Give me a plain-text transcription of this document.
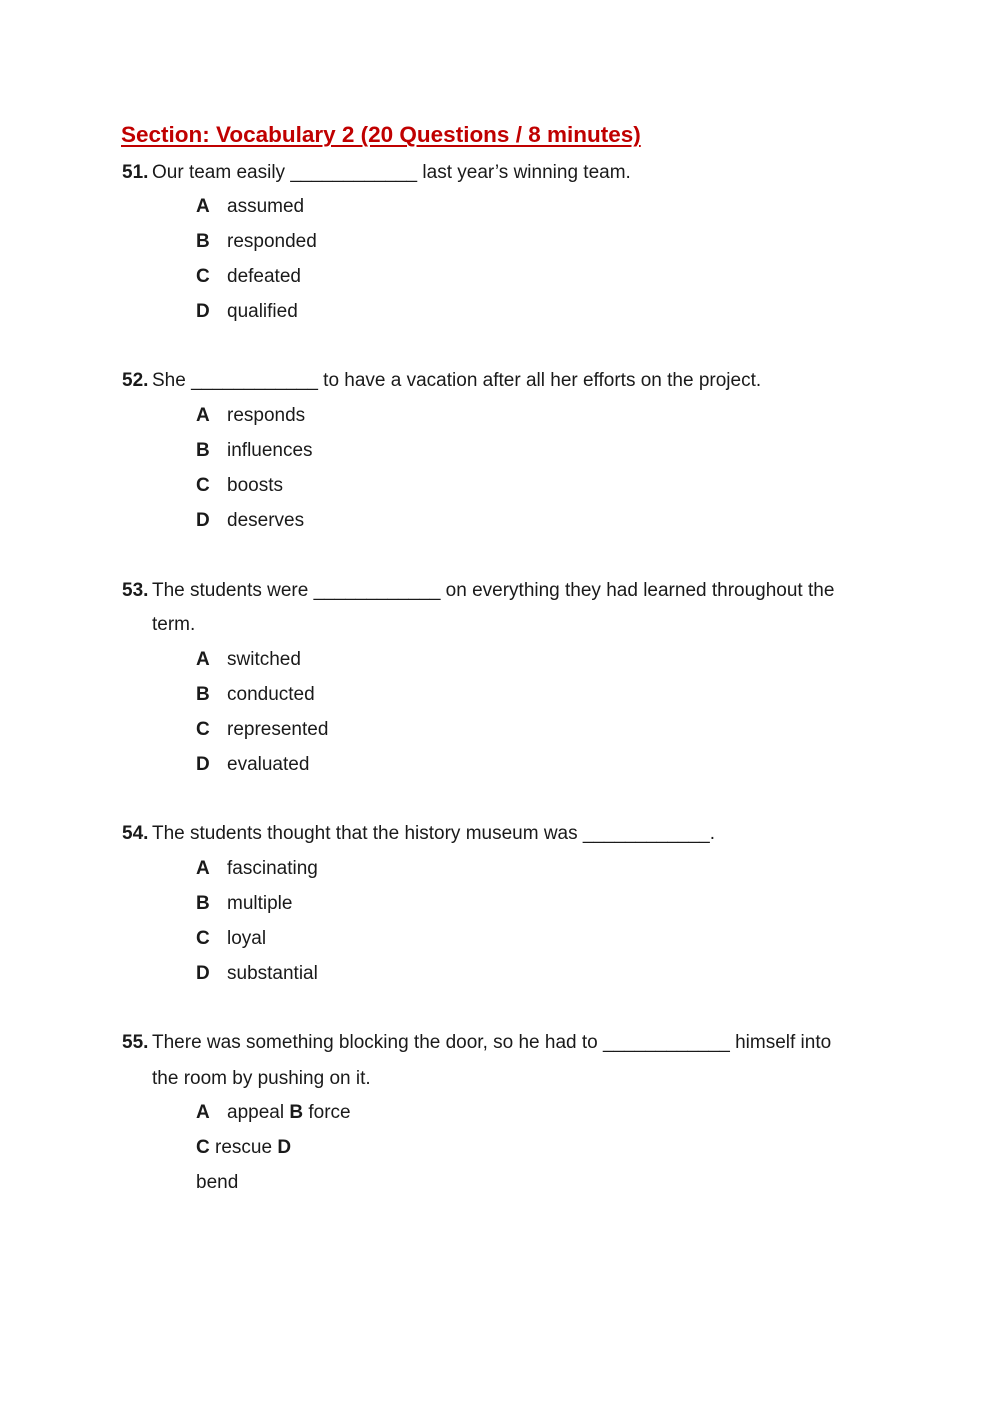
Section: Vocabulary 2 (20 Questions / 8 minutes)
51. Our team easily ____________ last year’s winning team.
A assumed
B responded
C defeated
D qualified
52. She ____________ to have a vacation after all her efforts on the project.
A responds
B influences
C boosts
D deserves
53. The students were ____________ on everything they had learned throughout the
term.
A switched
B conducted
C represented
D evaluated
54. The students thought that the history museum was ____________.
A fascinating
B multiple
C loyal
D substantial
55. There was something blocking the door, so he had to ____________ himself into
the room by pushing on it.
A appeal B force
C rescue D
bend
